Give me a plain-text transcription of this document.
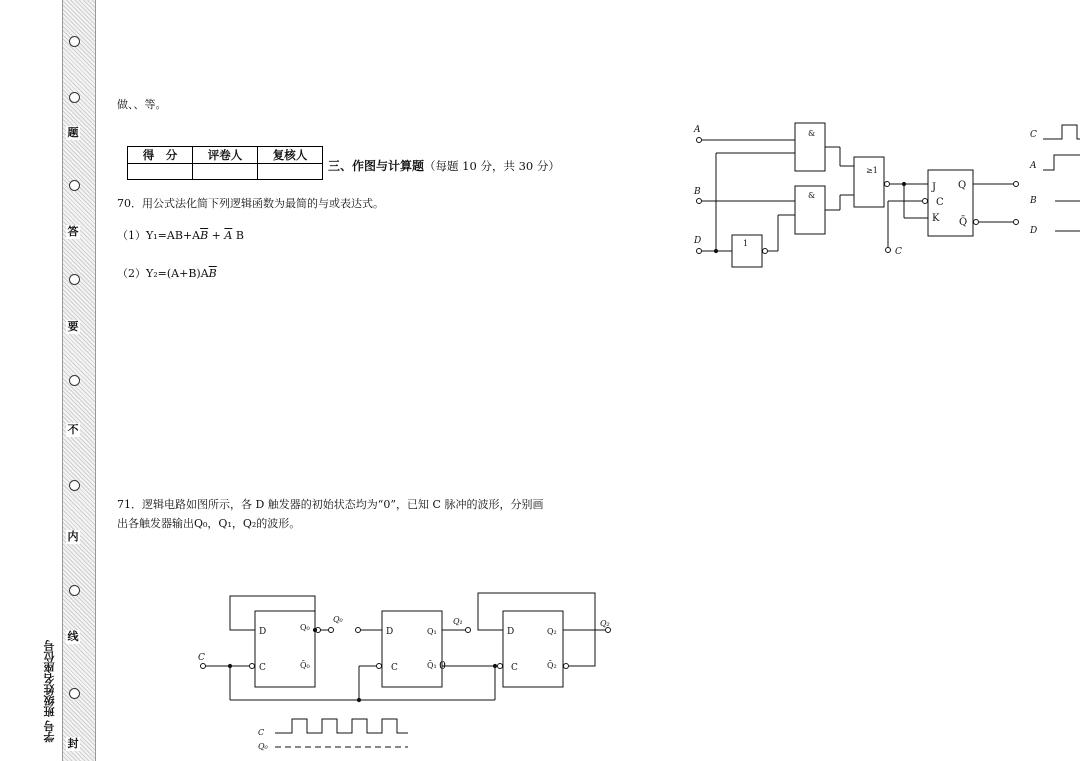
题
答
要
不
内
线
封
学号 班级姓名座位号
做、、等。
得　分	评卷人	复核人

三、作图与计算题（每题 10 分，共 30 分）
70．用公式法化简下列逻辑函数为最简的与或表达式。
$(1)Y_1=AB+A\overline{B} + \overline{A}$ B
$(2)Y_2=(A+B)A\overline{B}$
71．逻辑电路如图所示，各 D 触发器的初始状态均为“0”，已知 C 脉冲的波形，分别画
出各触发器输出Q₀，Q₁，Q₂的波形。
A
B
D
C
C
A
B
D
&
&
≥1
1
J
C
K
Q
Q̄
C
D
C
Q₀
Q̄₀
Q₀
D
C
Q₁
Q̄₁ 0
Q₁
D
C
Q₂
Q̄₂
Q₂
C
Q₀
